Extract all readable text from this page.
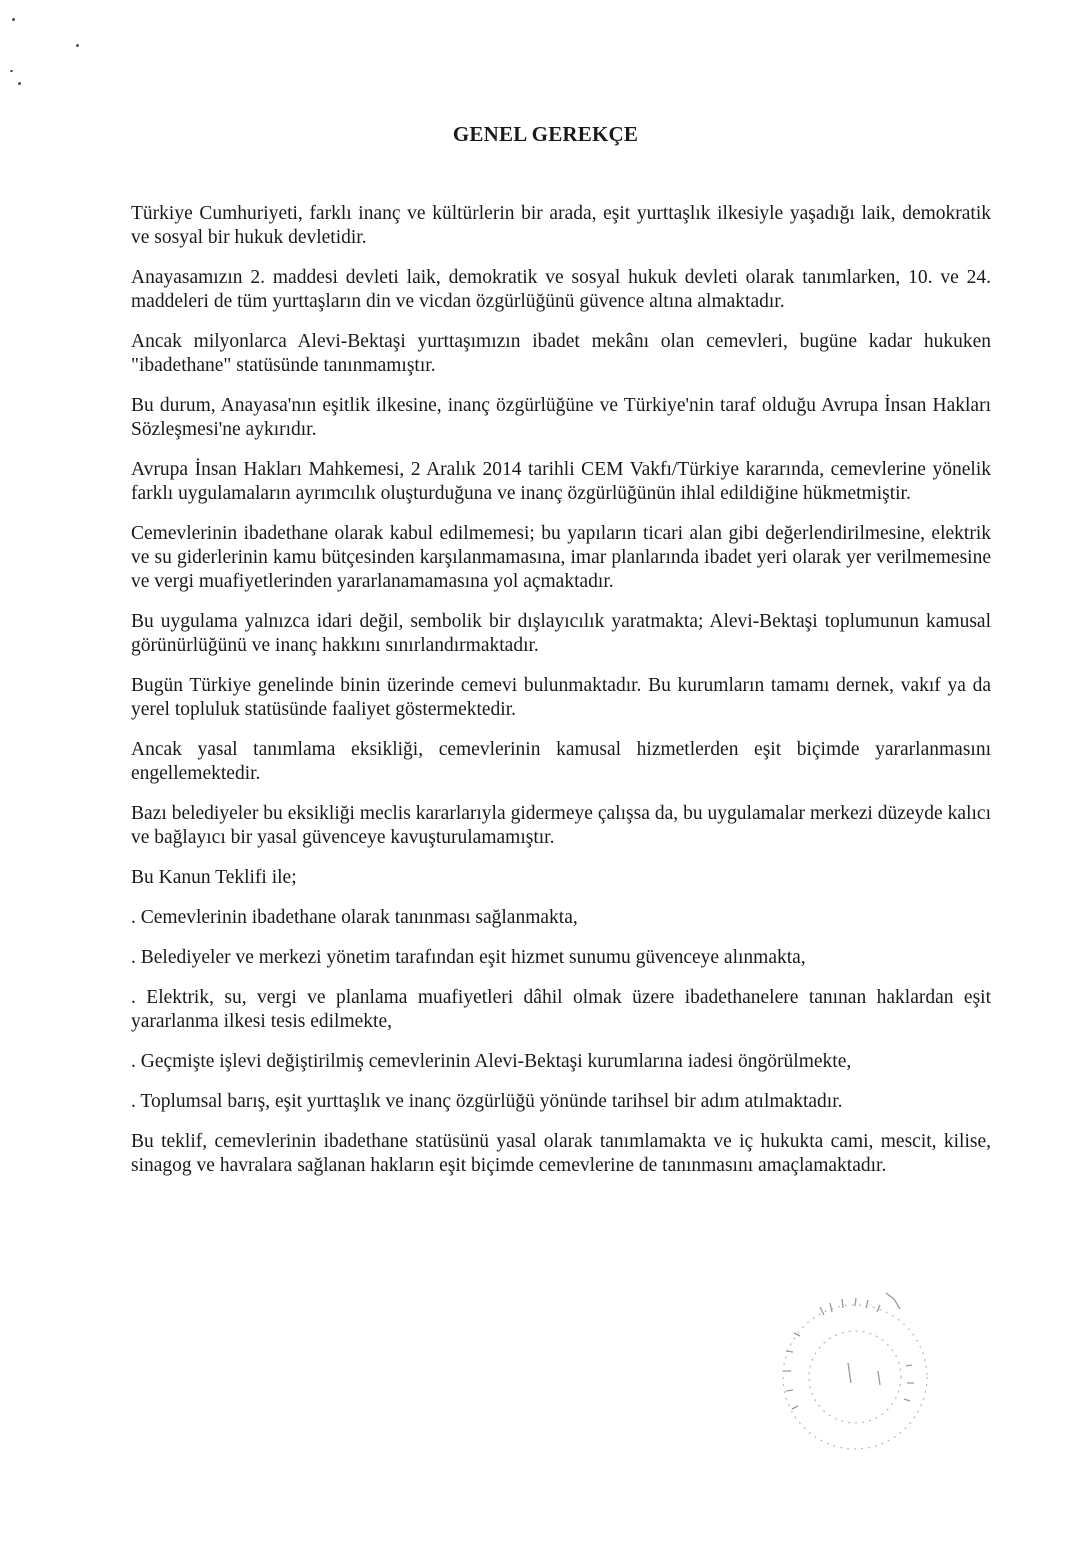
GENEL GEREKÇE

Türkiye Cumhuriyeti, farklı inanç ve kültürlerin bir arada, eşit yurttaşlık ilkesiyle yaşadığı laik, demokratik ve sosyal bir hukuk devletidir.

Anayasamızın 2. maddesi devleti laik, demokratik ve sosyal hukuk devleti olarak tanımlarken, 10. ve 24. maddeleri de tüm yurttaşların din ve vicdan özgürlüğünü güvence altına almaktadır.

Ancak milyonlarca Alevi-Bektaşi yurttaşımızın ibadet mekânı olan cemevleri, bugüne kadar hukuken "ibadethane" statüsünde tanınmamıştır.

Bu durum, Anayasa'nın eşitlik ilkesine, inanç özgürlüğüne ve Türkiye'nin taraf olduğu Avrupa İnsan Hakları Sözleşmesi'ne aykırıdır.

Avrupa İnsan Hakları Mahkemesi, 2 Aralık 2014 tarihli CEM Vakfı/Türkiye kararında, cemevlerine yönelik farklı uygulamaların ayrımcılık oluşturduğuna ve inanç özgürlüğünün ihlal edildiğine hükmetmiştir.

Cemevlerinin ibadethane olarak kabul edilmemesi; bu yapıların ticari alan gibi değerlendirilmesine, elektrik ve su giderlerinin kamu bütçesinden karşılanmamasına, imar planlarında ibadet yeri olarak yer verilmemesine ve vergi muafiyetlerinden yararlanamamasına yol açmaktadır.

Bu uygulama yalnızca idari değil, sembolik bir dışlayıcılık yaratmakta; Alevi-Bektaşi toplumunun kamusal görünürlüğünü ve inanç hakkını sınırlandırmaktadır.

Bugün Türkiye genelinde binin üzerinde cemevi bulunmaktadır. Bu kurumların tamamı dernek, vakıf ya da yerel topluluk statüsünde faaliyet göstermektedir.

Ancak yasal tanımlama eksikliği, cemevlerinin kamusal hizmetlerden eşit biçimde yararlanmasını engellemektedir.

Bazı belediyeler bu eksikliği meclis kararlarıyla gidermeye çalışsa da, bu uygulamalar merkezi düzeyde kalıcı ve bağlayıcı bir yasal güvenceye kavuşturulamamıştır.

Bu Kanun Teklifi ile;

. Cemevlerinin ibadethane olarak tanınması sağlanmakta,

. Belediyeler ve merkezi yönetim tarafından eşit hizmet sunumu güvenceye alınmakta,

. Elektrik, su, vergi ve planlama muafiyetleri dâhil olmak üzere ibadethanelere tanınan haklardan eşit yararlanma ilkesi tesis edilmekte,

. Geçmişte işlevi değiştirilmiş cemevlerinin Alevi-Bektaşi kurumlarına iadesi öngörülmekte,

. Toplumsal barış, eşit yurttaşlık ve inanç özgürlüğü yönünde tarihsel bir adım atılmaktadır.

Bu teklif, cemevlerinin ibadethane statüsünü yasal olarak tanımlamakta ve iç hukukta cami, mescit, kilise, sinagog ve havralara sağlanan hakların eşit biçimde cemevlerine de tanınmasını amaçlamaktadır.
